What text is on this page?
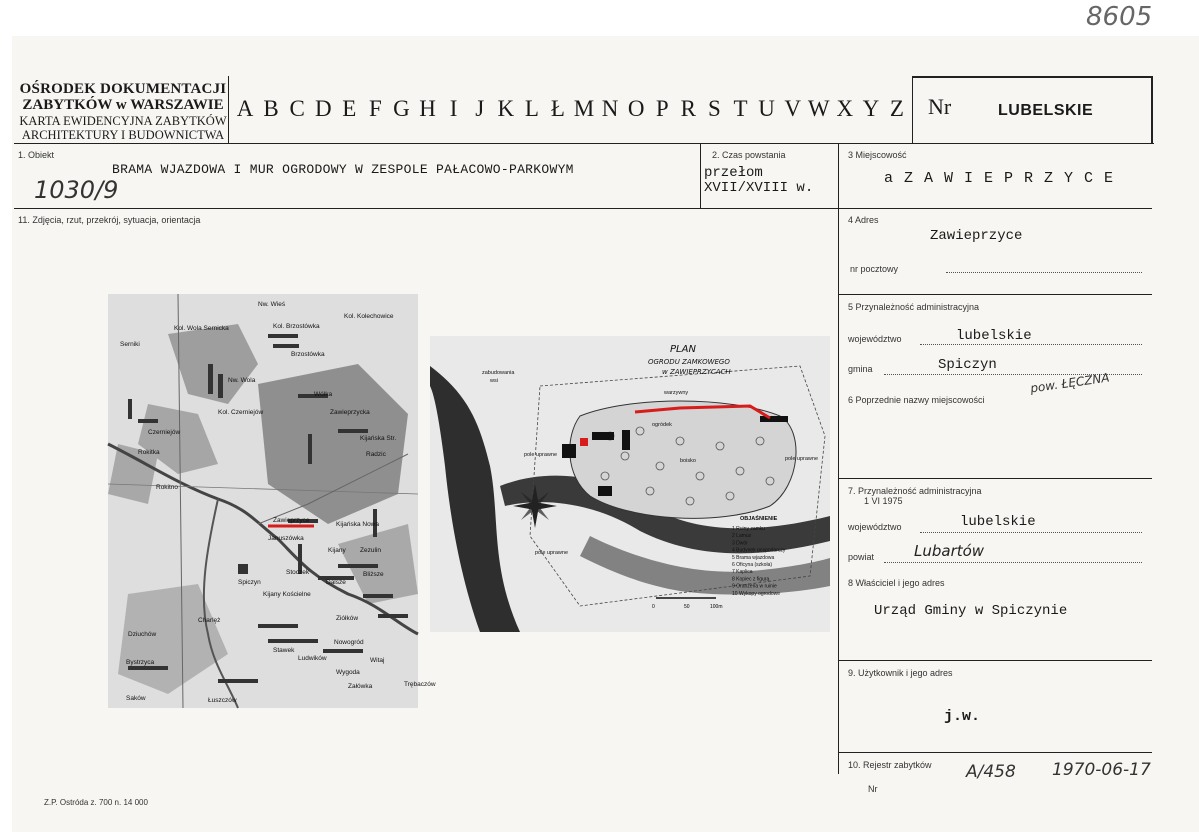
8605
OŚRODEK DOKUMENTACJI
ZABYTKÓW w WARSZAWIE
KARTA EWIDENCYJNA ZABYTKÓW
ARCHITEKTURY I BUDOWNICTWA
A B C D E F G H I J K L Ł M N O P R S T U V W X Y Z Nr	LUBELSKIE
1. Obiekt
BRAMA WJAZDOWA I MUR OGRODOWY W ZESPOLE PAŁACOWO-PARKOWYM
1030/9
2. Czas powstania
przełom
XVII/XVIII w.
3 Miejscowość
a Z A W I E P R Z Y C E
11. Zdjęcia, rzut, przekrój, sytuacja, orientacja	4 Adres
Zawieprzyce
nr pocztowy
5 Przynależność administracyjna
województwo	lubelskie
gmina	Spiczyn
pow. ŁĘCZNA
6 Poprzednie nazwy miejscowości
7. Przynależność administracyjna
1 VI 1975
województwo	lubelskie
powiat	Lubartów
8 Właściciel i jego adres
Urząd Gminy w Spiczynie
9. Użytkownik i jego adres
j.w.
10. Rejestr zabytków A/458 1970-06-17
Nr
Z.P. Ostróda z. 700 n. 14 000
Nw. Wieś
Kol. Wola Sernicka	Kol. Brzostówka
Kol. Kolechowice
Serniki
Brzostówka
Nw. Wola
Kol. Czerniejów
Wólka
Zawieprzycka
Czerniejów
Rokitka
Kijańska Str.
Radzic
Rokitno
Zawieprzyce
Januszówka
Kijańska Nowa
Kijany Zezulin
Spiczyn
Stoczek
Dalsze
Bliższe
Kijany Kościelne
Charlęż	Ziółków
Dziuchów
Bystrzyca
Nowogród
Stawek
Ludwików	Witaj
Wygoda
Załówka	Trębaczów
Łuszczów
Saków
PLAN
OGRODU ZAMKOWEGO
w ZAWIEPRZYCACH
zabudowania
wsi
warzywny
ogródek
pole uprawne
pole uprawne
pole uprawne
boisko
OBJAŚNIENIE
1 Ruiny zamku
2 Lamus
3 Dwór
4 Budynek gospodarczy
5 Brama wjazdowa
6 Oficyna (szkoła)
7 Kaplica
8 Kopiec z figurą
9 Oranżeria w ruinie
10 Wykopy ogrodowe
0	50	100m
